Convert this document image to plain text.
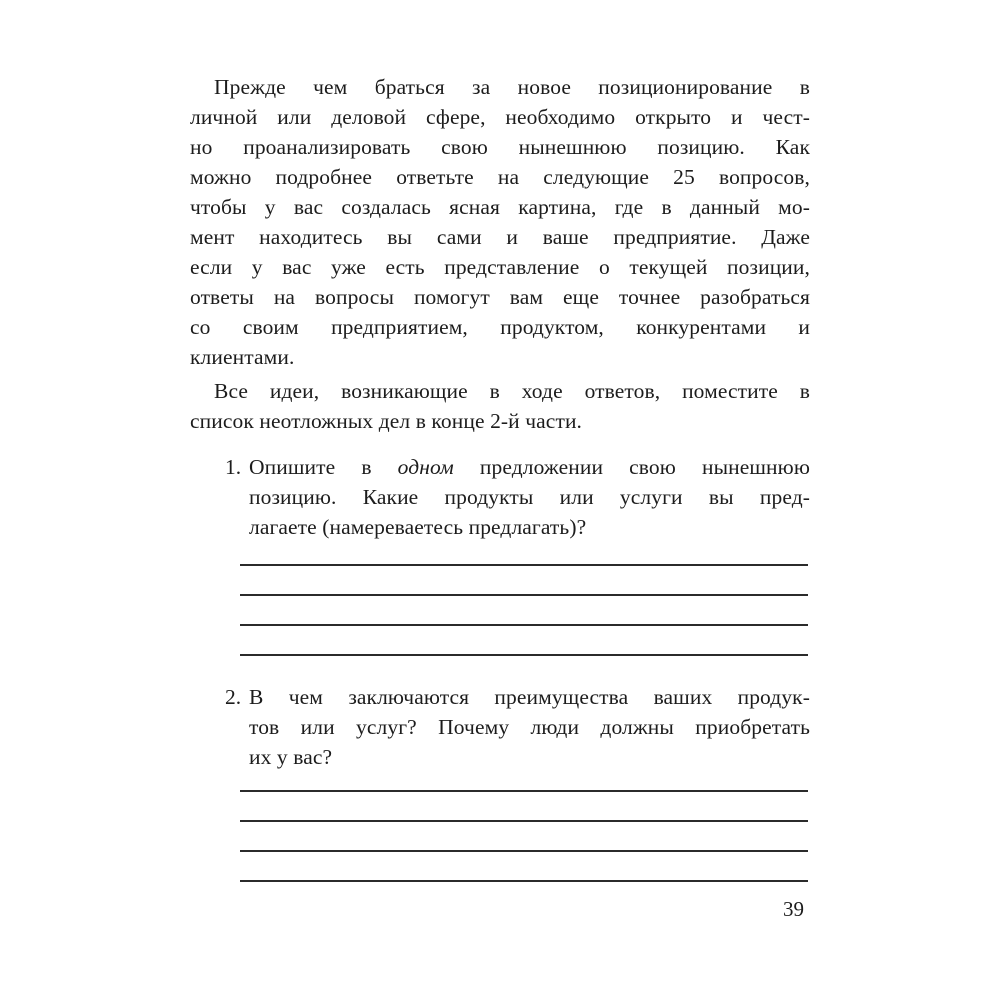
Прежде чем браться за новое позиционирование в
личной или деловой сфере, необходимо открыто и чест-
но проанализировать свою нынешнюю позицию. Как
можно подробнее ответьте на следующие 25 вопросов,
чтобы у вас создалась ясная картина, где в данный мо-
мент находитесь вы сами и ваше предприятие. Даже
если у вас уже есть представление о текущей позиции,
ответы на вопросы помогут вам еще точнее разобраться
со своим предприятием, продуктом, конкурентами и
клиентами.
Все идеи, возникающие в ходе ответов, поместите в
список неотложных дел в конце 2-й части.
1. Опишите в одном предложении свою нынешнюю
позицию. Какие продукты или услуги вы пред-
лагаете (намереваетесь предлагать)?
2. В чем заключаются преимущества ваших продук-
тов или услуг? Почему люди должны приобретать
их у вас?
39
